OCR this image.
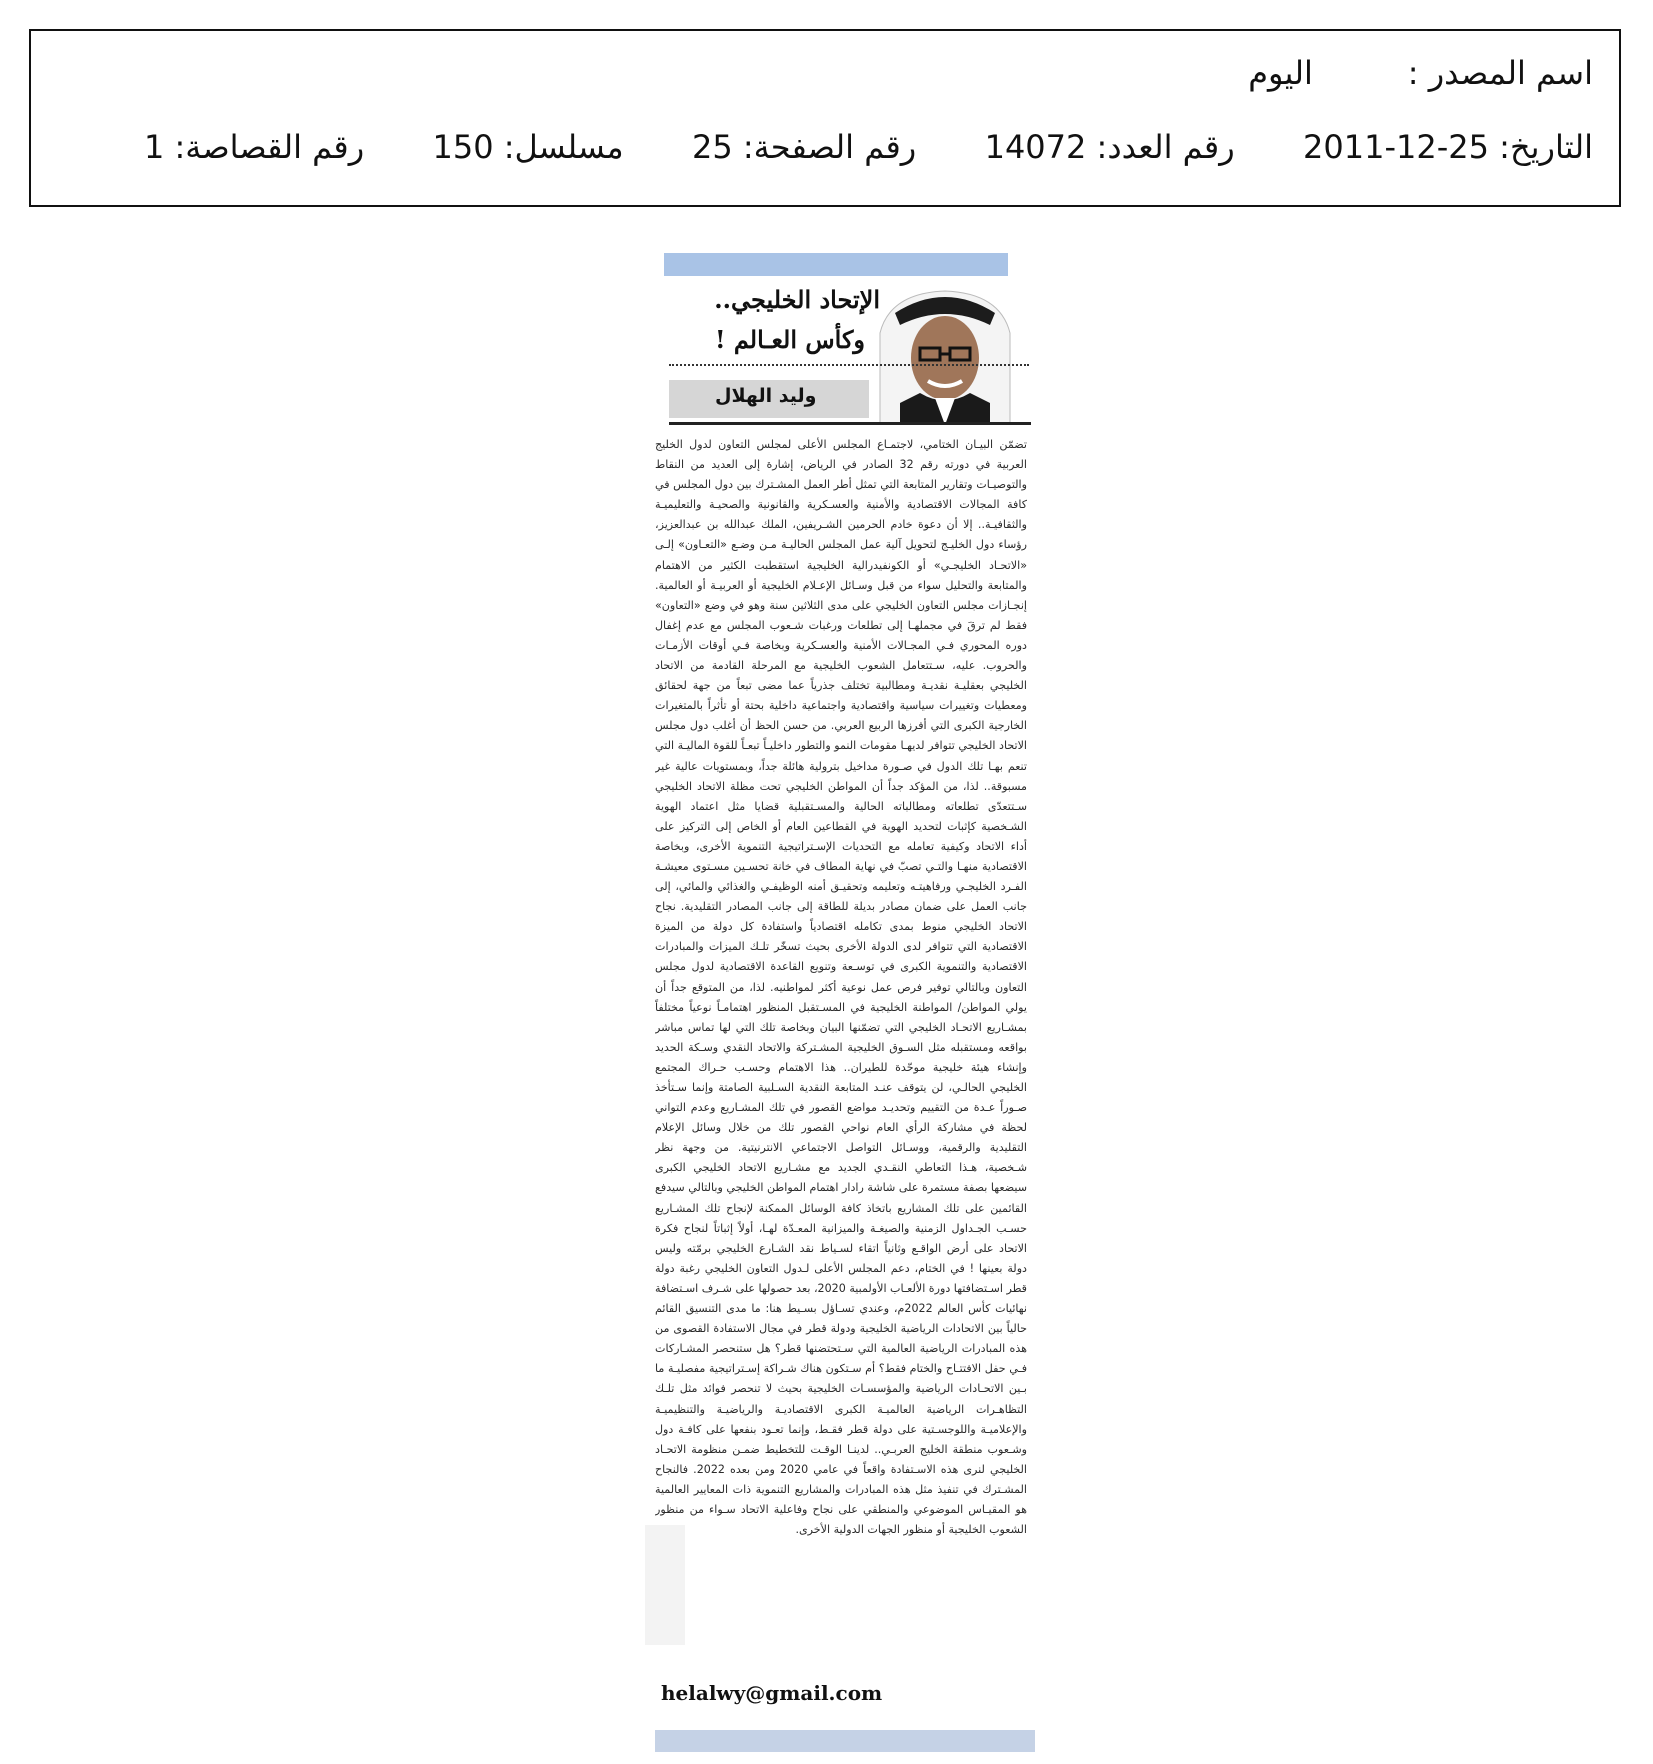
اسم المصدر : اليوم
التاريخ: 2011-12-25  رقم العدد: 14072  رقم الصفحة: 25  مسلسل: 150  رقم القصاصة: 1
الإتحاد الخليجي..
وكأس العـالم !
وليد الهلال
تضمّن البيـان الختامي، لاجتمـاع المجلس الأعلى لمجلس التعاون لدول الخليج العربية في دورته رقم 32 الصادر في الرياض، إشارة إلى العديد من النقاط والتوصيـات وتقارير المتابعة التي تمثل أطر العمل المشـترك بين دول المجلس في كافة المجالات الاقتصادية والأمنية والعسـكرية والقانونية والصحيـة والتعليميـة والثقافيـة.. إلا أن دعوة خادم الحرمين الشـريفين، الملك عبدالله بن عبدالعزيز، رؤساء دول الخليـج لتحويل آلية عمل المجلس الحاليـة مـن وضـع «التعـاون» إلـى «الاتحـاد الخليجـي» أو الكونفيدرالية الخليجية استقطبت الكثير من الاهتمام والمتابعة والتحليل سواء من قبل وسـائل الإعـلام الخليجية أو العربيـة أو العالمية. إنجـازات مجلس التعاون الخليجي على مدى الثلاثين سنة وهو في وضع «التعاون» فقط لم ترقَ في مجملهـا إلى تطلعات ورغبات شـعوب المجلس مع عدم إغفال دوره المحوري فـي المجـالات الأمنية والعسـكرية وبخاصة فـي أوقات الأزمـات والحروب. عليه، سـتتعامل الشعوب الخليجية مع المرحلة القادمة من الاتحاد الخليجي بعقليـة نقديـة ومطالبية تختلف جذرياً عما مضى تبعاً من جهة لحقائق ومعطيات وتغييرات سياسية واقتصادية واجتماعية داخلية بحتة أو تأثراً بالمتغيرات الخارجية الكبرى التي أفرزها الربيع العربي. من حسن الحظ أن أغلب دول مجلس الاتحاد الخليجي تتوافر لديهـا مقومات النمو والتطور داخليـاً تبعـاً للقوة الماليـة التي تنعم بهـا تلك الدول في صـورة مداخيل بترولية هائلة جداً، وبمستويات عالية غير مسبوقة.. لذا، من المؤكد جداً أن المواطن الخليجي تحت مظلة الاتحاد الخليجي سـتتعدّى تطلعاته ومطالباته الحالية والمسـتقبلية قضايا مثل اعتماد الهوية الشـخصية كإثبات لتحديد الهوية في القطاعين العام أو الخاص إلى التركيز على أداء الاتحاد وكيفية تعامله مع التحديات الإسـتراتيجية التنموية الأخرى، وبخاصة الاقتصادية منهـا والتـي تصبّ في نهاية المطاف في خانة تحسـين مسـتوى معيشـة الفـرد الخليجـي ورفاهيتـه وتعليمه وتحقيـق أمنه الوظيفـي والغذائي والمائي، إلى جانب العمل على ضمان مصادر بديلة للطاقة إلى جانب المصادر التقليدية. نجاح الاتحاد الخليجي منوط بمدى تكامله اقتصادياً واستفادة كل دولة من الميزة الاقتصادية التي تتوافر لدى الدولة الأخرى بحيث تسخّر تلـك الميزات والمبادرات الاقتصادية والتنموية الكبرى في توسـعة وتنويع القاعدة الاقتصادية لدول مجلس التعاون وبالتالي توفير فرص عمل نوعية أكثر لمواطنيه. لذا، من المتوقع جداً أن يولي المواطن/ المواطنة الخليجية في المسـتقبل المنظور اهتمامـاً نوعياً مختلفاً بمشـاريع الاتحـاد الخليجي التي تضمّنها البيان وبخاصة تلك التي لها تماس مباشر بواقعه ومستقبله مثل السـوق الخليجية المشـتركة والاتحاد النقدي وسـكة الحديد وإنشاء هيئة خليجية موحّدة للطيران.. هذا الاهتمام وحسـب حـراك المجتمع الخليجي الحالـي، لن يتوقف عنـد المتابعة النقدية السـلبية الصامتة وإنما سـتأخذ صـوراً عـدة من التقييم وتحديـد مواضع القصور في تلك المشـاريع وعدم التواني لحظة في مشاركة الرأي العام نواحي القصور تلك من خلال وسائل الإعلام التقليدية والرقمية، ووسـائل التواصل الاجتماعي الانترنيتية. من وجهة نظر شـخصية، هـذا التعاطي النقـدي الجديد مع مشـاريع الاتحاد الخليجي الكبرى سيضعها بصفة مستمرة على شاشة رادار اهتمام المواطن الخليجي وبالتالي سيدفع القائمين على تلك المشاريع باتخاذ كافة الوسائل الممكنة لإنجاح تلك المشـاريع حسـب الجـداول الزمنية والصيغـة والميزانية المعـدّة لهـا، أولاً إثباتاً لنجاح فكرة الاتحاد على أرض الواقـع وثانياً اتقاء لسـياط نقد الشـارع الخليجي برمّته وليس دولة بعينها ! في الختام، دعم المجلس الأعلى لـدول التعاون الخليجي رغبة دولة قطر اسـتضافتها دورة الألعـاب الأولمبية 2020، بعد حصولها على شـرف اسـتضافة نهائيات كأس العالم 2022م، وعندي تسـاؤل بسـيط هنا: ما مدى التنسيق القائم حالياً بين الاتحادات الرياضية الخليجية ودولة قطر في مجال الاستفادة القصوى من هذه المبادرات الرياضية العالمية التي سـتحتضنها قطر؟ هل ستنحصر المشـاركات فـي حفل الافتتـاح والختام فقط؟ أم سـتكون هناك شـراكة إسـتراتيجية مفصليـة ما بـين الاتحـادات الرياضية والمؤسسـات الخليجية بحيث لا تنحصر فوائد مثل تلـك التظاهـرات الرياضية العالميـة الكبرى الاقتصاديـة والرياضيـة والتنظيميـة والإعلاميـة واللوجسـتية على دولة قطر فقـط، وإنما تعـود بنفعها على كافـة دول وشـعوب منطقة الخليج العربـي.. لدينـا الوقـت للتخطيط ضمـن منظومة الاتحـاد الخليجي لنرى هذه الاسـتفادة واقعاً في عامي 2020 ومن بعده 2022. فالنجاح المشـترك في تنفيذ مثل هذه المبادرات والمشاريع التنموية ذات المعايير العالمية هو المقيـاس الموضوعي والمنطقي على نجاح وفاعلية الاتحاد سـواء من منظور الشعوب الخليجية أو منظور الجهات الدولية الأخرى.
helalwy@gmail.com
